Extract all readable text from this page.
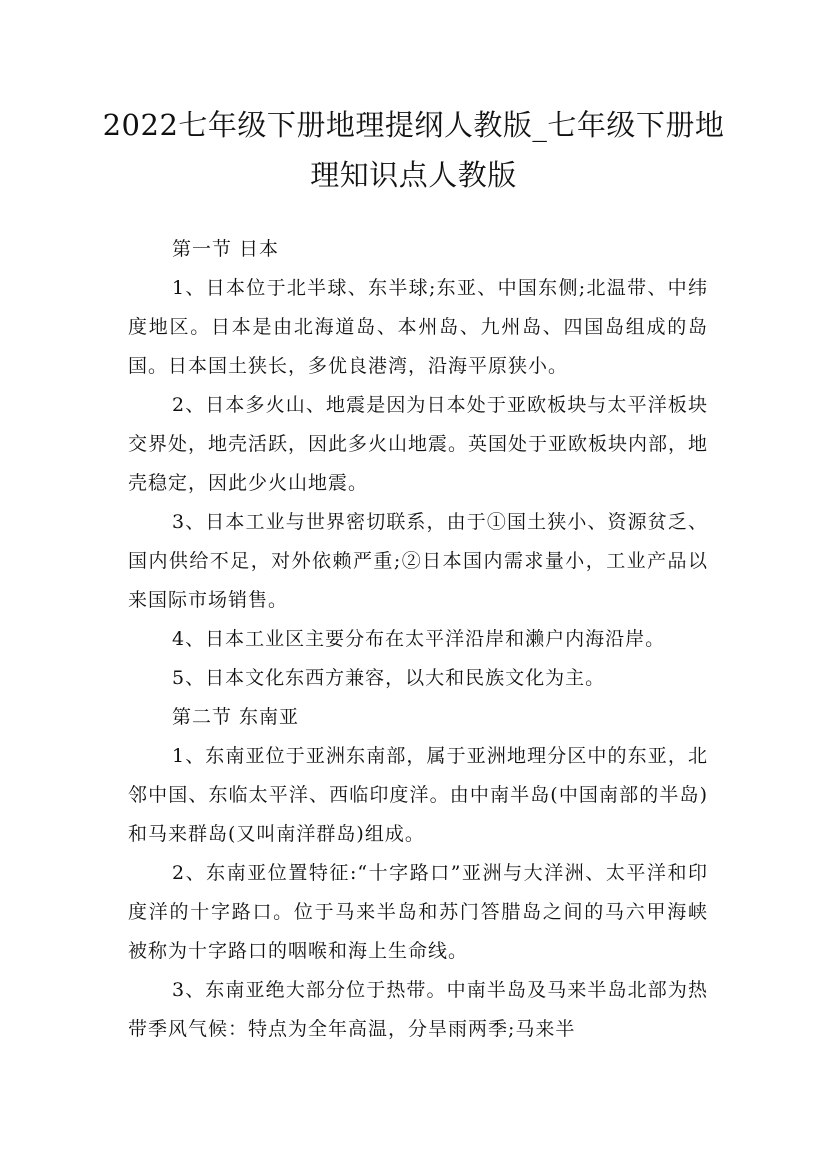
2022七年级下册地理提纲人教版_七年级下册地理知识点人教版

第一节 日本

1、日本位于北半球、东半球;东亚、中国东侧;北温带、中纬度地区。日本是由北海道岛、本州岛、九州岛、四国岛组成的岛国。日本国土狭长，多优良港湾，沿海平原狭小。

2、日本多火山、地震是因为日本处于亚欧板块与太平洋板块交界处，地壳活跃，因此多火山地震。英国处于亚欧板块内部，地壳稳定，因此少火山地震。

3、日本工业与世界密切联系，由于①国土狭小、资源贫乏、国内供给不足，对外依赖严重;②日本国内需求量小，工业产品以来国际市场销售。

4、日本工业区主要分布在太平洋沿岸和濑户内海沿岸。

5、日本文化东西方兼容，以大和民族文化为主。

第二节 东南亚

1、东南亚位于亚洲东南部，属于亚洲地理分区中的东亚，北邻中国、东临太平洋、西临印度洋。由中南半岛(中国南部的半岛)和马来群岛(又叫南洋群岛)组成。

2、东南亚位置特征:“十字路口”亚洲与大洋洲、太平洋和印度洋的十字路口。位于马来半岛和苏门答腊岛之间的马六甲海峡 被称为十字路口的咽喉和海上生命线。

3、东南亚绝大部分位于热带。中南半岛及马来半岛北部为热带季风气候：特点为全年高温，分旱雨两季;马来半
